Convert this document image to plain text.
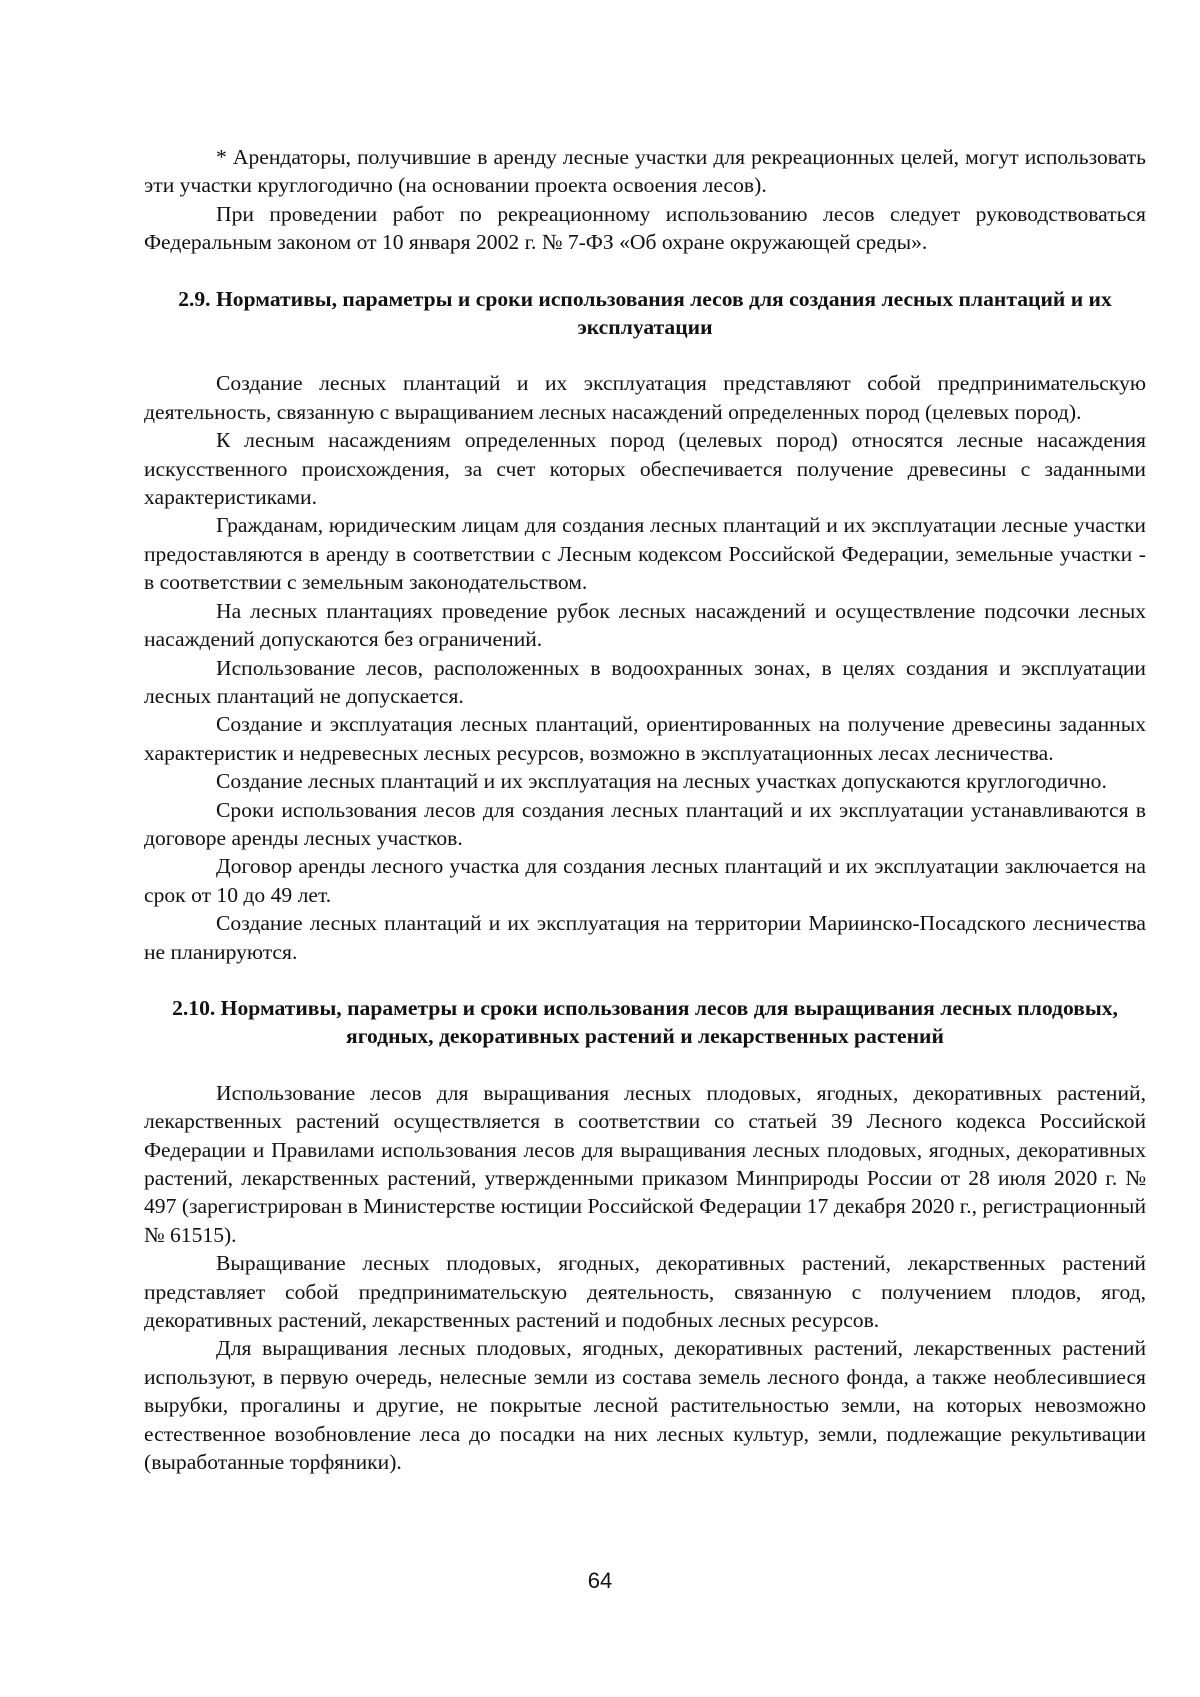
* Арендаторы, получившие в аренду лесные участки для рекреационных целей, могут использовать эти участки круглогодично (на основании проекта освоения лесов).

При проведении работ по рекреационному использованию лесов следует руководствоваться Федеральным законом от 10 января 2002 г. № 7-ФЗ «Об охране окружающей среды».

2.9. Нормативы, параметры и сроки использования лесов для создания лесных плантаций и их эксплуатации

Создание лесных плантаций и их эксплуатация представляют собой предпринимательскую деятельность, связанную с выращиванием лесных насаждений определенных пород (целевых пород).

К лесным насаждениям определенных пород (целевых пород) относятся лесные насаждения искусственного происхождения, за счет которых обеспечивается получение древесины с заданными характеристиками.

Гражданам, юридическим лицам для создания лесных плантаций и их эксплуатации лесные участки предоставляются в аренду в соответствии с Лесным кодексом Российской Федерации, земельные участки - в соответствии с земельным законодательством.

На лесных плантациях проведение рубок лесных насаждений и осуществление подсочки лесных насаждений допускаются без ограничений.

Использование лесов, расположенных в водоохранных зонах, в целях создания и эксплуатации лесных плантаций не допускается.

Создание и эксплуатация лесных плантаций, ориентированных на получение древесины заданных характеристик и недревесных лесных ресурсов, возможно в эксплуатационных лесах лесничества.

Создание лесных плантаций и их эксплуатация на лесных участках допускаются круглогодично.

Сроки использования лесов для создания лесных плантаций и их эксплуатации устанавливаются в договоре аренды лесных участков.

Договор аренды лесного участка для создания лесных плантаций и их эксплуатации заключается на срок от 10 до 49 лет.

Создание лесных плантаций и их эксплуатация на территории Мариинско-Посадского лесничества не планируются.

2.10. Нормативы, параметры и сроки использования лесов для выращивания лесных плодовых, ягодных, декоративных растений и лекарственных растений

Использование лесов для выращивания лесных плодовых, ягодных, декоративных растений, лекарственных растений осуществляется в соответствии со статьей 39 Лесного кодекса Российской Федерации и Правилами использования лесов для выращивания лесных плодовых, ягодных, декоративных растений, лекарственных растений, утвержденными приказом Минприроды России от 28 июля 2020 г. № 497 (зарегистрирован в Министерстве юстиции Российской Федерации 17 декабря 2020 г., регистрационный № 61515).

Выращивание лесных плодовых, ягодных, декоративных растений, лекарственных растений представляет собой предпринимательскую деятельность, связанную с получением плодов, ягод, декоративных растений, лекарственных растений и подобных лесных ресурсов.

Для выращивания лесных плодовых, ягодных, декоративных растений, лекарственных растений используют, в первую очередь, нелесные земли из состава земель лесного фонда, а также необлесившиеся вырубки, прогалины и другие, не покрытые лесной растительностью земли, на которых невозможно естественное возобновление леса до посадки на них лесных культур, земли, подлежащие рекультивации (выработанные торфяники).

64
